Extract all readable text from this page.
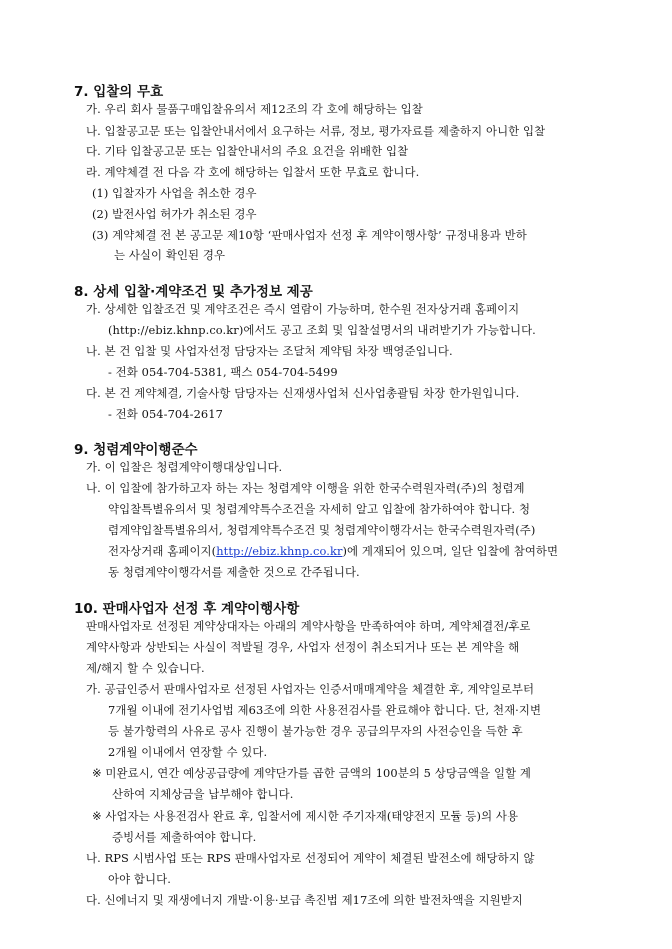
7. 입찰의 무효
가. 우리 회사 물품구매입찰유의서 제12조의 각 호에 해당하는 입찰
나. 입찰공고문 또는 입찰안내서에서 요구하는 서류, 정보, 평가자료를 제출하지 아니한 입찰
다. 기타 입찰공고문 또는 입찰안내서의 주요 요건을 위배한 입찰
라. 계약체결 전 다음 각 호에 해당하는 입찰서 또한 무효로 합니다.
(1) 입찰자가 사업을 취소한 경우
(2) 발전사업 허가가 취소된 경우
(3) 계약체결 전 본 공고문 제10항 ‘판매사업자 선정 후 계약이행사항’ 규정내용과 반하
는 사실이 확인된 경우
8. 상세 입찰·계약조건 및 추가정보 제공
가. 상세한 입찰조건 및 계약조건은 즉시 열람이 가능하며, 한수원 전자상거래 홈페이지
(http://ebiz.khnp.co.kr)에서도 공고 조회 및 입찰설명서의 내려받기가 가능합니다.
나. 본 건 입찰 및 사업자선정 담당자는 조달처 계약팀 차장 백영준입니다.
- 전화 054-704-5381, 팩스 054-704-5499
다. 본 건 계약체결, 기술사항 담당자는 신재생사업처 신사업총괄팀 차장 한가원입니다.
- 전화 054-704-2617
9. 청렴계약이행준수
가. 이 입찰은 청렴계약이행대상입니다.
나. 이 입찰에 참가하고자 하는 자는 청렴계약 이행을 위한 한국수력원자력(주)의 청렴계
약입찰특별유의서 및 청렴계약특수조건을 자세히 알고 입찰에 참가하여야 합니다. 청
렴계약입찰특별유의서, 청렴계약특수조건 및 청렴계약이행각서는 한국수력원자력(주)
전자상거래 홈페이지(http://ebiz.khnp.co.kr)에 게재되어 있으며, 일단 입찰에 참여하면
동 청렴계약이행각서를 제출한 것으로 간주됩니다.
10. 판매사업자 선정 후 계약이행사항
판매사업자로 선정된 계약상대자는 아래의 계약사항을 만족하여야 하며, 계약체결전/후로
계약사항과 상반되는 사실이 적발될 경우, 사업자 선정이 취소되거나 또는 본 계약을 해
제/해지 할 수 있습니다.
가. 공급인증서 판매사업자로 선정된 사업자는 인증서매매계약을 체결한 후, 계약일로부터
7개월 이내에 전기사업법 제63조에 의한 사용전검사를 완료해야 합니다. 단, 천재·지변
등 불가항력의 사유로 공사 진행이 불가능한 경우 공급의무자의 사전승인을 득한 후
2개월 이내에서 연장할 수 있다.
※ 미완료시, 연간 예상공급량에 계약단가를 곱한 금액의 100분의 5 상당금액을 일할 계
산하여 지체상금을 납부해야 합니다.
※ 사업자는 사용전검사 완료 후, 입찰서에 제시한 주기자재(태양전지 모듈 등)의 사용
증빙서를 제출하여야 합니다.
나. RPS 시범사업 또는 RPS 판매사업자로 선정되어 계약이 체결된 발전소에 해당하지 않
아야 합니다.
다. 신에너지 및 재생에너지 개발·이용·보급 촉진법 제17조에 의한 발전차액을 지원받지
